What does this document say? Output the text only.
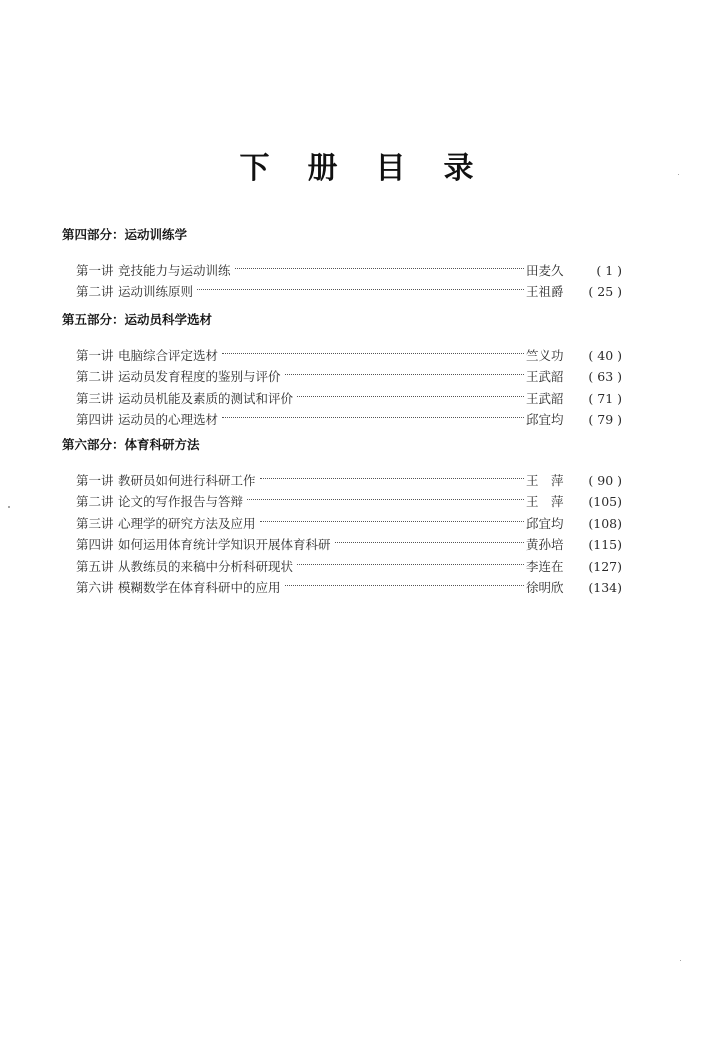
下 册 目 录
第四部分：运动训练学
第一讲 竞技能力与运动训练	田麦久	( 1 )
第二讲 运动训练原则	王祖爵	( 25 )
第五部分：运动员科学选材
第一讲 电脑综合评定选材	竺义功	( 40 )
第二讲 运动员发育程度的鉴别与评价	王武韶	( 63 )
第三讲 运动员机能及素质的测试和评价	王武韶	( 71 )
第四讲 运动员的心理选材	邱宜均	( 79 )
第六部分：体育科研方法
第一讲 教研员如何进行科研工作	王　萍	( 90 )
第二讲 论文的写作报告与答辩	王　萍	(105)
第三讲 心理学的研究方法及应用	邱宜均	(108)
第四讲 如何运用体育统计学知识开展体育科研	黄孙培	(115)
第五讲 从教练员的来稿中分析科研现状	李连在	(127)
第六讲 模糊数学在体育科研中的应用	徐明欣	(134)
